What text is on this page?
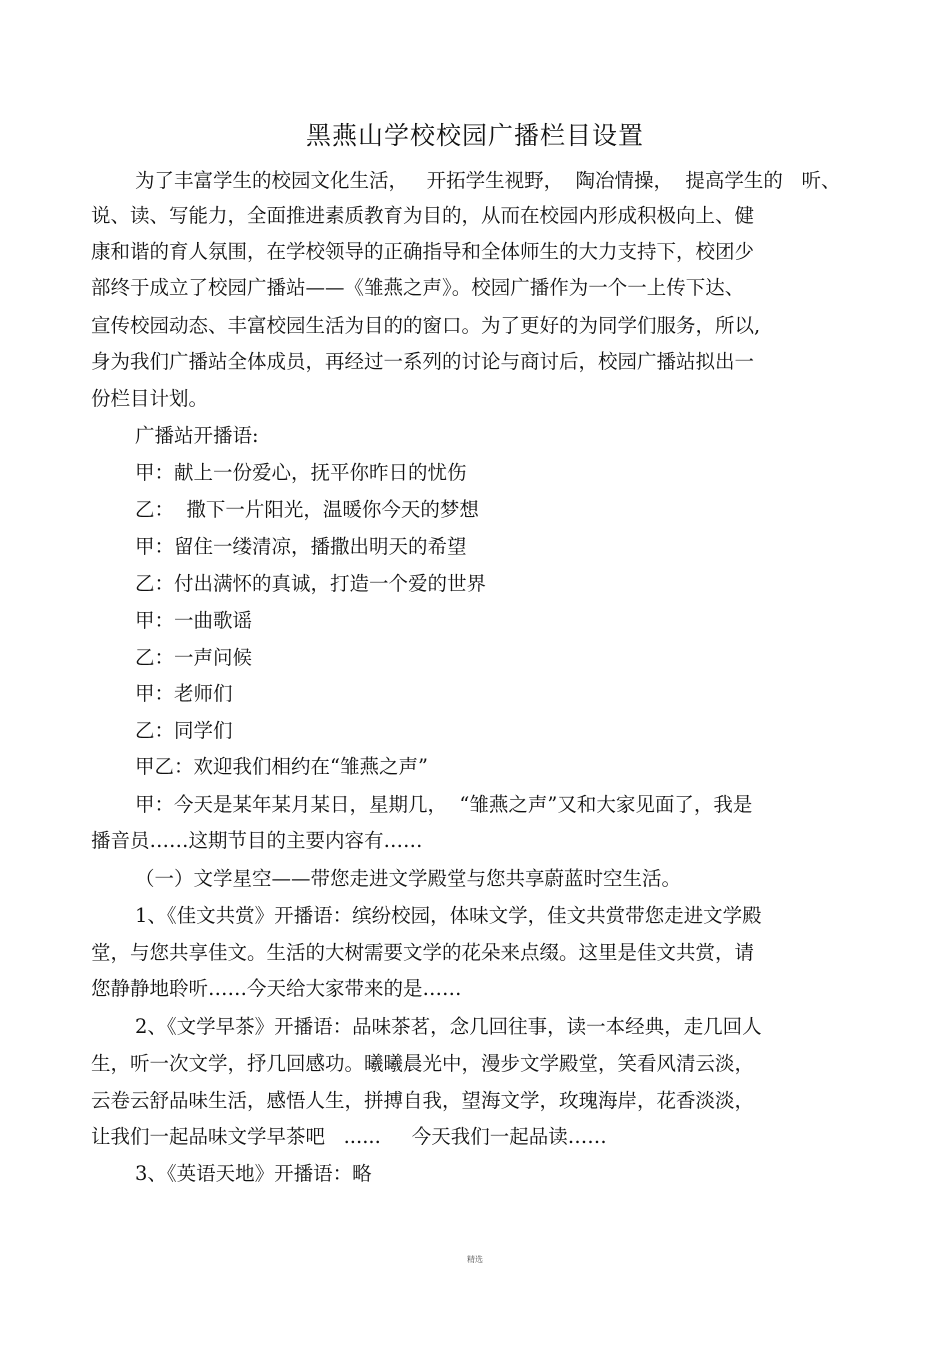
黑燕山学校校园广播栏目设置
为了丰富学生的校园文化生活，   开拓学生视野，  陶冶情操，  提高学生的   听、
说、读、写能力，全面推进素质教育为目的，从而在校园内形成积极向上、健
康和谐的育人氛围，在学校领导的正确指导和全体师生的大力支持下，校团少
部终于成立了校园广播站——《雏燕之声》。校园广播作为一个一上传下达、
宣传校园动态、丰富校园生活为目的的窗口。为了更好的为同学们服务，所以,
身为我们广播站全体成员，再经过一系列的讨论与商讨后，校园广播站拟出一
份栏目计划。
广播站开播语:
甲：献上一份爱心，抚平你昨日的忧伤
乙：  撒下一片阳光，温暖你今天的梦想
甲：留住一缕清凉，播撒出明天的希望
乙：付出满怀的真诚，打造一个爱的世界
甲：一曲歌谣
乙：一声问候
甲：老师们
乙：同学们
甲乙：欢迎我们相约在“雏燕之声”
甲：今天是某年某月某日，星期几，  “雏燕之声”又和大家见面了，我是
播音员……这期节目的主要内容有……
（一）文学星空——带您走进文学殿堂与您共享蔚蓝时空生活。
1、《佳文共赏》开播语：缤纷校园，体味文学，佳文共赏带您走进文学殿
堂，与您共享佳文。生活的大树需要文学的花朵来点缀。这里是佳文共赏，请
您静静地聆听……今天给大家带来的是……
2、《文学早茶》开播语：品味茶茗，念几回往事，读一本经典，走几回人
生，听一次文学，抒几回感功。曦曦晨光中，漫步文学殿堂，笑看风清云淡，
云卷云舒品味生活，感悟人生，拼搏自我，望海文学，玫瑰海岸，花香淡淡，
让我们一起品味文学早茶吧   ......     今天我们一起品读……
3、《英语天地》开播语：略
精选
